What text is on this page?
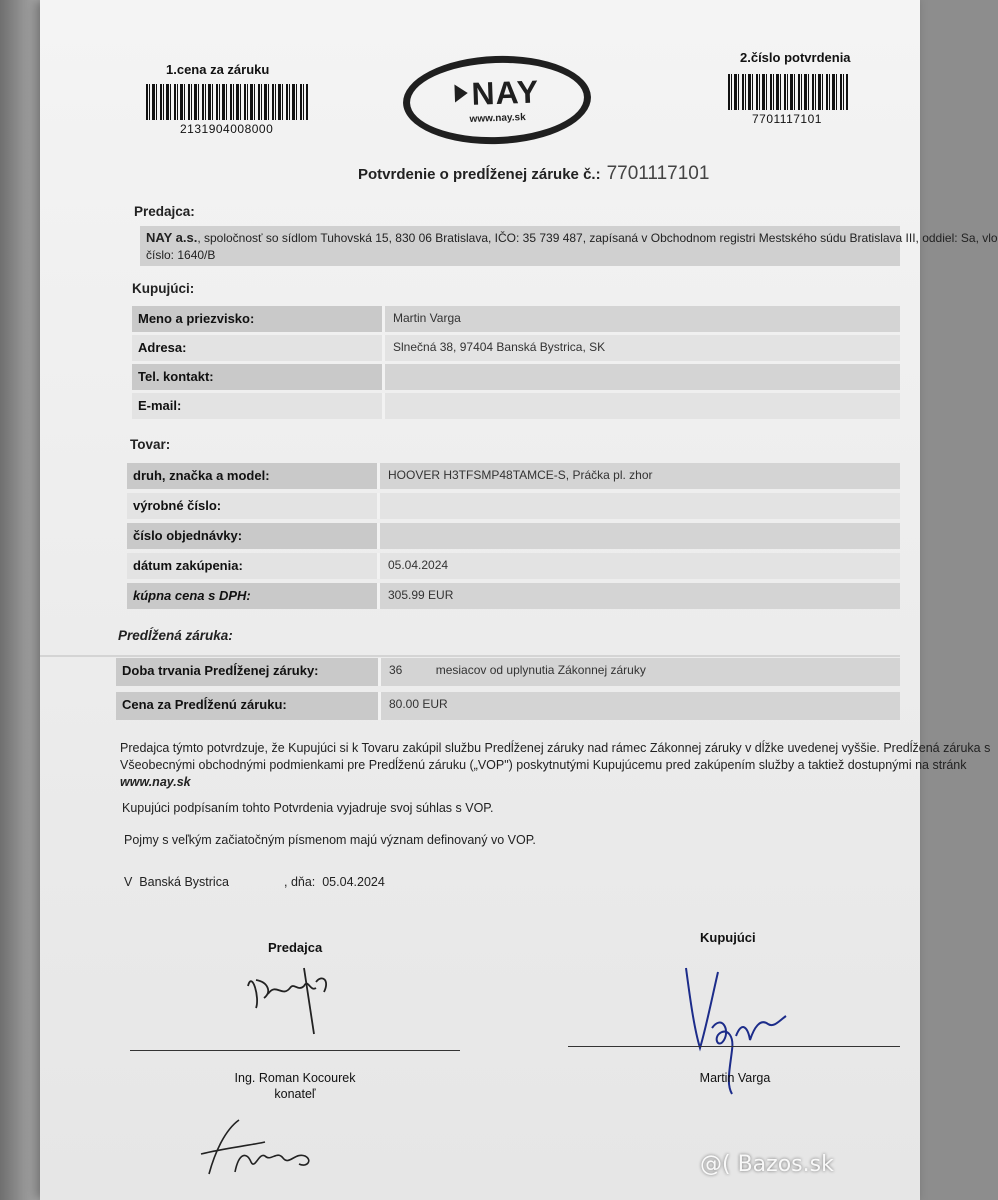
1.cena za záruku
2131904008000
NAY
www.nay.sk
2.číslo potvrdenia
7701117101
Potvrdenie o predĺženej záruke č.: 7701117101
Predajca:
NAY a.s., spoločnosť so sídlom Tuhovská 15, 830 06 Bratislava, IČO: 35 739 487, zapísaná v Obchodnom registri Mestského súdu Bratislava III, oddiel: Sa, vlo
číslo: 1640/B
Kupujúci:
Meno a priezvisko:	Martin Varga
Adresa:	Slnečná 38, 97404 Banská Bystrica, SK
Tel. kontakt:
E-mail:
Tovar:
druh, značka a model:	HOOVER H3TFSMP48TAMCE-S, Práčka pl. zhor
výrobné číslo:
číslo objednávky:
dátum zakúpenia:	05.04.2024
kúpna cena s DPH:	305.99 EUR
Predĺžená záruka:
Doba trvania Predĺženej záruky:	36	mesiacov od uplynutia Zákonnej záruky
Cena za Predĺženú záruku:	80.00 EUR
Predajca týmto potvrdzuje, že Kupujúci si k Tovaru zakúpil službu Predĺženej záruky nad rámec Zákonnej záruky v dĺžke uvedenej vyššie. Predĺžená záruka s
Všeobecnými obchodnými podmienkami pre Predĺženú záruku („VOP") poskytnutými Kupujúcemu pred zakúpením služby a taktiež dostupnými na stránk
www.nay.sk
Kupujúci podpísaním tohto Potvrdenia vyjadruje svoj súhlas s VOP.
Pojmy s veľkým začiatočným písmenom majú význam definovaný vo VOP.
V Banská Bystrica	, dňa: 05.04.2024
Predajca
Ing. Roman Kocourek
konateľ
Kupujúci
Martin Varga
@( Bazos.sk
